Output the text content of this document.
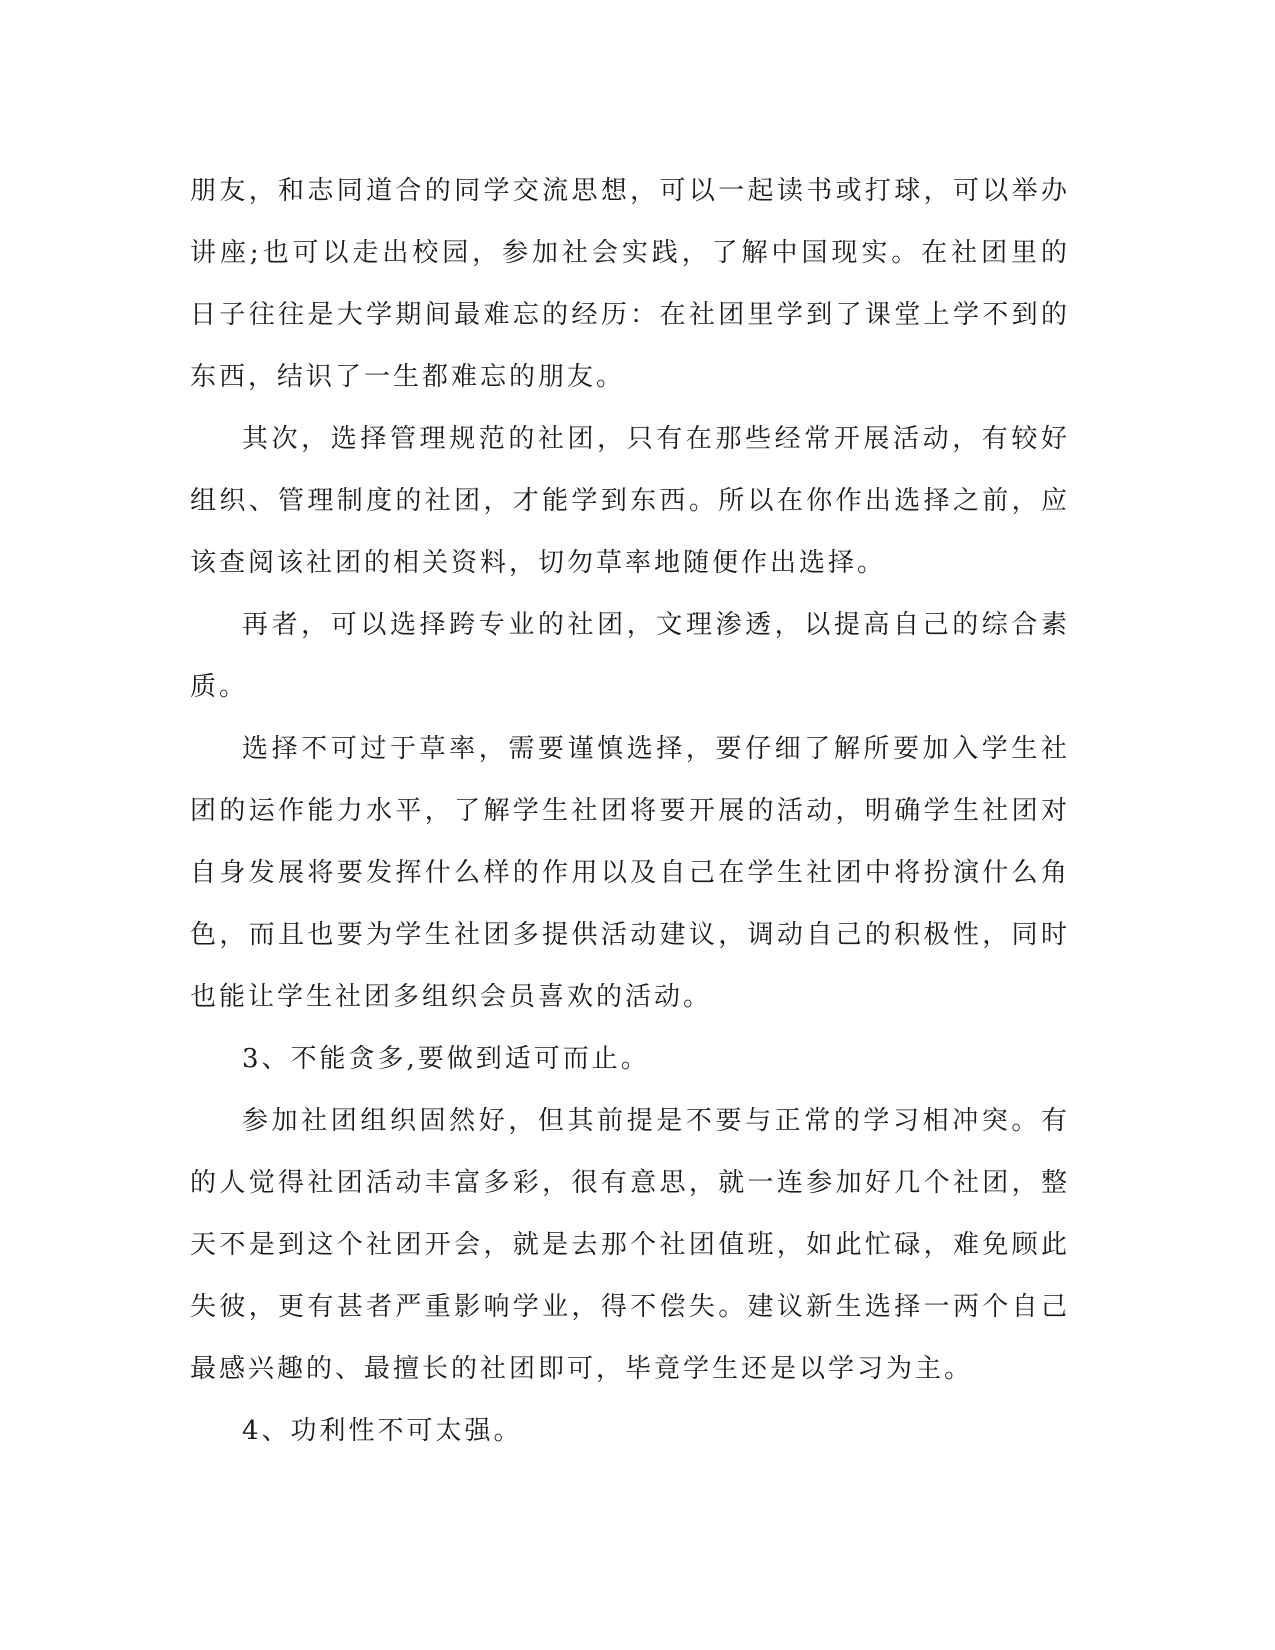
朋友，和志同道合的同学交流思想，可以一起读书或打球，可以举办讲座;也可以走出校园，参加社会实践，了解中国现实。在社团里的日子往往是大学期间最难忘的经历：在社团里学到了课堂上学不到的东西，结识了一生都难忘的朋友。

其次，选择管理规范的社团，只有在那些经常开展活动，有较好组织、管理制度的社团，才能学到东西。所以在你作出选择之前，应该查阅该社团的相关资料，切勿草率地随便作出选择。

再者，可以选择跨专业的社团，文理渗透，以提高自己的综合素质。

选择不可过于草率，需要谨慎选择，要仔细了解所要加入学生社团的运作能力水平，了解学生社团将要开展的活动，明确学生社团对自身发展将要发挥什么样的作用以及自己在学生社团中将扮演什么角色，而且也要为学生社团多提供活动建议，调动自己的积极性，同时也能让学生社团多组织会员喜欢的活动。

3、不能贪多,要做到适可而止。

参加社团组织固然好，但其前提是不要与正常的学习相冲突。有的人觉得社团活动丰富多彩，很有意思，就一连参加好几个社团，整天不是到这个社团开会，就是去那个社团值班，如此忙碌，难免顾此失彼，更有甚者严重影响学业，得不偿失。建议新生选择一两个自己最感兴趣的、最擅长的社团即可，毕竟学生还是以学习为主。

4、功利性不可太强。
